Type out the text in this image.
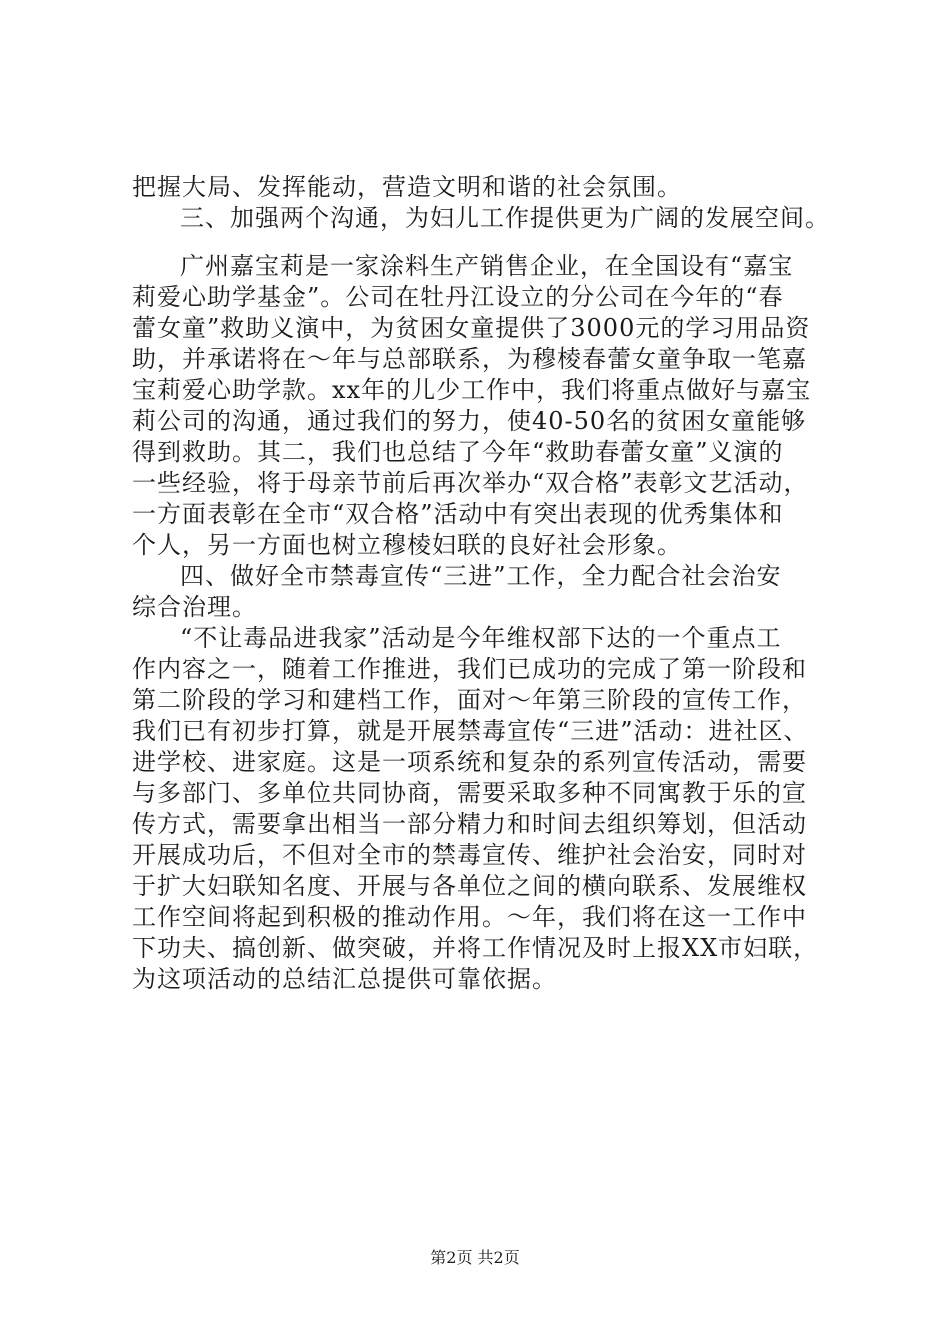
把握大局、发挥能动，营造文明和谐的社会氛围。
三、加强两个沟通，为妇儿工作提供更为广阔的发展空间。
广州嘉宝莉是一家涂料生产销售企业，在全国设有“嘉宝
莉爱心助学基金”。公司在牡丹江设立的分公司在今年的“春
蕾女童”救助义演中，为贫困女童提供了3000元的学习用品资
助，并承诺将在～年与总部联系，为穆棱春蕾女童争取一笔嘉
宝莉爱心助学款。xx年的儿少工作中，我们将重点做好与嘉宝
莉公司的沟通，通过我们的努力，使40-50名的贫困女童能够
得到救助。其二，我们也总结了今年“救助春蕾女童”义演的
一些经验，将于母亲节前后再次举办“双合格”表彰文艺活动，
一方面表彰在全市“双合格”活动中有突出表现的优秀集体和
个人，另一方面也树立穆棱妇联的良好社会形象。
四、做好全市禁毒宣传“三进”工作，全力配合社会治安
综合治理。
“不让毒品进我家”活动是今年维权部下达的一个重点工
作内容之一，随着工作推进，我们已成功的完成了第一阶段和
第二阶段的学习和建档工作，面对～年第三阶段的宣传工作，
我们已有初步打算，就是开展禁毒宣传“三进”活动：进社区、
进学校、进家庭。这是一项系统和复杂的系列宣传活动，需要
与多部门、多单位共同协商，需要采取多种不同寓教于乐的宣
传方式，需要拿出相当一部分精力和时间去组织筹划，但活动
开展成功后，不但对全市的禁毒宣传、维护社会治安，同时对
于扩大妇联知名度、开展与各单位之间的横向联系、发展维权
工作空间将起到积极的推动作用。～年，我们将在这一工作中
下功夫、搞创新、做突破，并将工作情况及时上报XX市妇联，
为这项活动的总结汇总提供可靠依据。
第2页 共2页
